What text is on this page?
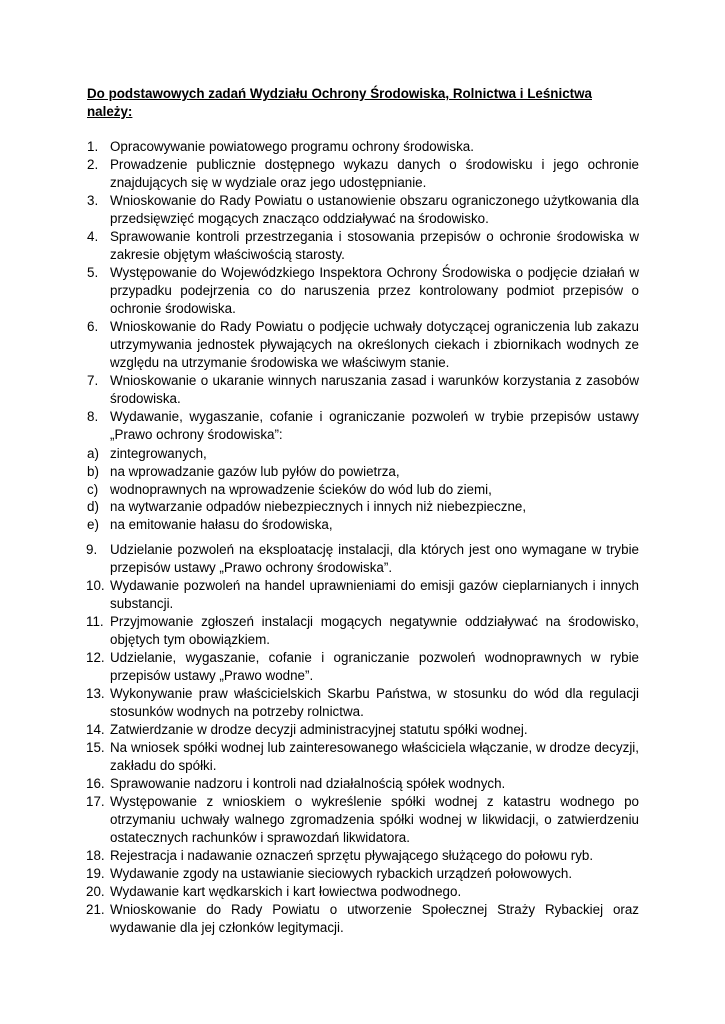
Do podstawowych zadań Wydziału Ochrony Środowiska, Rolnictwa i Leśnictwa należy:
1. Opracowywanie powiatowego programu ochrony środowiska.
2. Prowadzenie publicznie dostępnego wykazu danych o środowisku i jego ochronie znajdujących się w wydziale oraz jego udostępnianie.
3. Wnioskowanie do Rady Powiatu o ustanowienie obszaru ograniczonego użytkowania dla przedsięwzięć mogących znacząco oddziaływać na środowisko.
4. Sprawowanie kontroli przestrzegania i stosowania przepisów o ochronie środowiska w zakresie objętym właściwością starosty.
5. Występowanie do Wojewódzkiego Inspektora Ochrony Środowiska o podjęcie działań w przypadku podejrzenia co do naruszenia przez kontrolowany podmiot przepisów o ochronie środowiska.
6. Wnioskowanie do Rady Powiatu o podjęcie uchwały dotyczącej ograniczenia lub zakazu utrzymywania jednostek pływających na określonych ciekach i zbiornikach wodnych ze względu na utrzymanie środowiska we właściwym stanie.
7. Wnioskowanie o ukaranie winnych naruszania zasad i warunków korzystania z zasobów środowiska.
8. Wydawanie, wygaszanie, cofanie i ograniczanie pozwoleń w trybie przepisów ustawy „Prawo ochrony środowiska”:
a) zintegrowanych,
b) na wprowadzanie gazów lub pyłów do powietrza,
c) wodnoprawnych na wprowadzenie ścieków do wód lub do ziemi,
d) na wytwarzanie odpadów niebezpiecznych i innych niż niebezpieczne,
e) na emitowanie hałasu do środowiska,
9. Udzielanie pozwoleń na eksploatację instalacji, dla których jest ono wymagane w trybie przepisów ustawy „Prawo ochrony środowiska”.
10. Wydawanie pozwoleń na handel uprawnieniami do emisji gazów cieplarnianych i innych substancji.
11. Przyjmowanie zgłoszeń instalacji mogących negatywnie oddziaływać na środowisko, objętych tym obowiązkiem.
12. Udzielanie, wygaszanie, cofanie i ograniczanie pozwoleń wodnoprawnych w rybie przepisów ustawy „Prawo wodne”.
13. Wykonywanie praw właścicielskich Skarbu Państwa, w stosunku do wód dla regulacji stosunków wodnych na potrzeby rolnictwa.
14. Zatwierdzanie w drodze decyzji administracyjnej statutu spółki wodnej.
15. Na wniosek spółki wodnej lub zainteresowanego właściciela włączanie, w drodze decyzji, zakładu do spółki.
16. Sprawowanie nadzoru i kontroli nad działalnością spółek wodnych.
17. Występowanie z wnioskiem o wykreślenie spółki wodnej z katastru wodnego po otrzymaniu uchwały walnego zgromadzenia spółki wodnej w likwidacji, o zatwierdzeniu ostatecznych rachunków i sprawozdań likwidatora.
18. Rejestracja i nadawanie oznaczeń sprzętu pływającego służącego do połowu ryb.
19. Wydawanie zgody na ustawianie sieciowych rybackich urządzeń połowowych.
20. Wydawanie kart wędkarskich i kart łowiectwa podwodnego.
21. Wnioskowanie do Rady Powiatu o utworzenie Społecznej Straży Rybackiej oraz wydawanie dla jej członków legitymacji.
